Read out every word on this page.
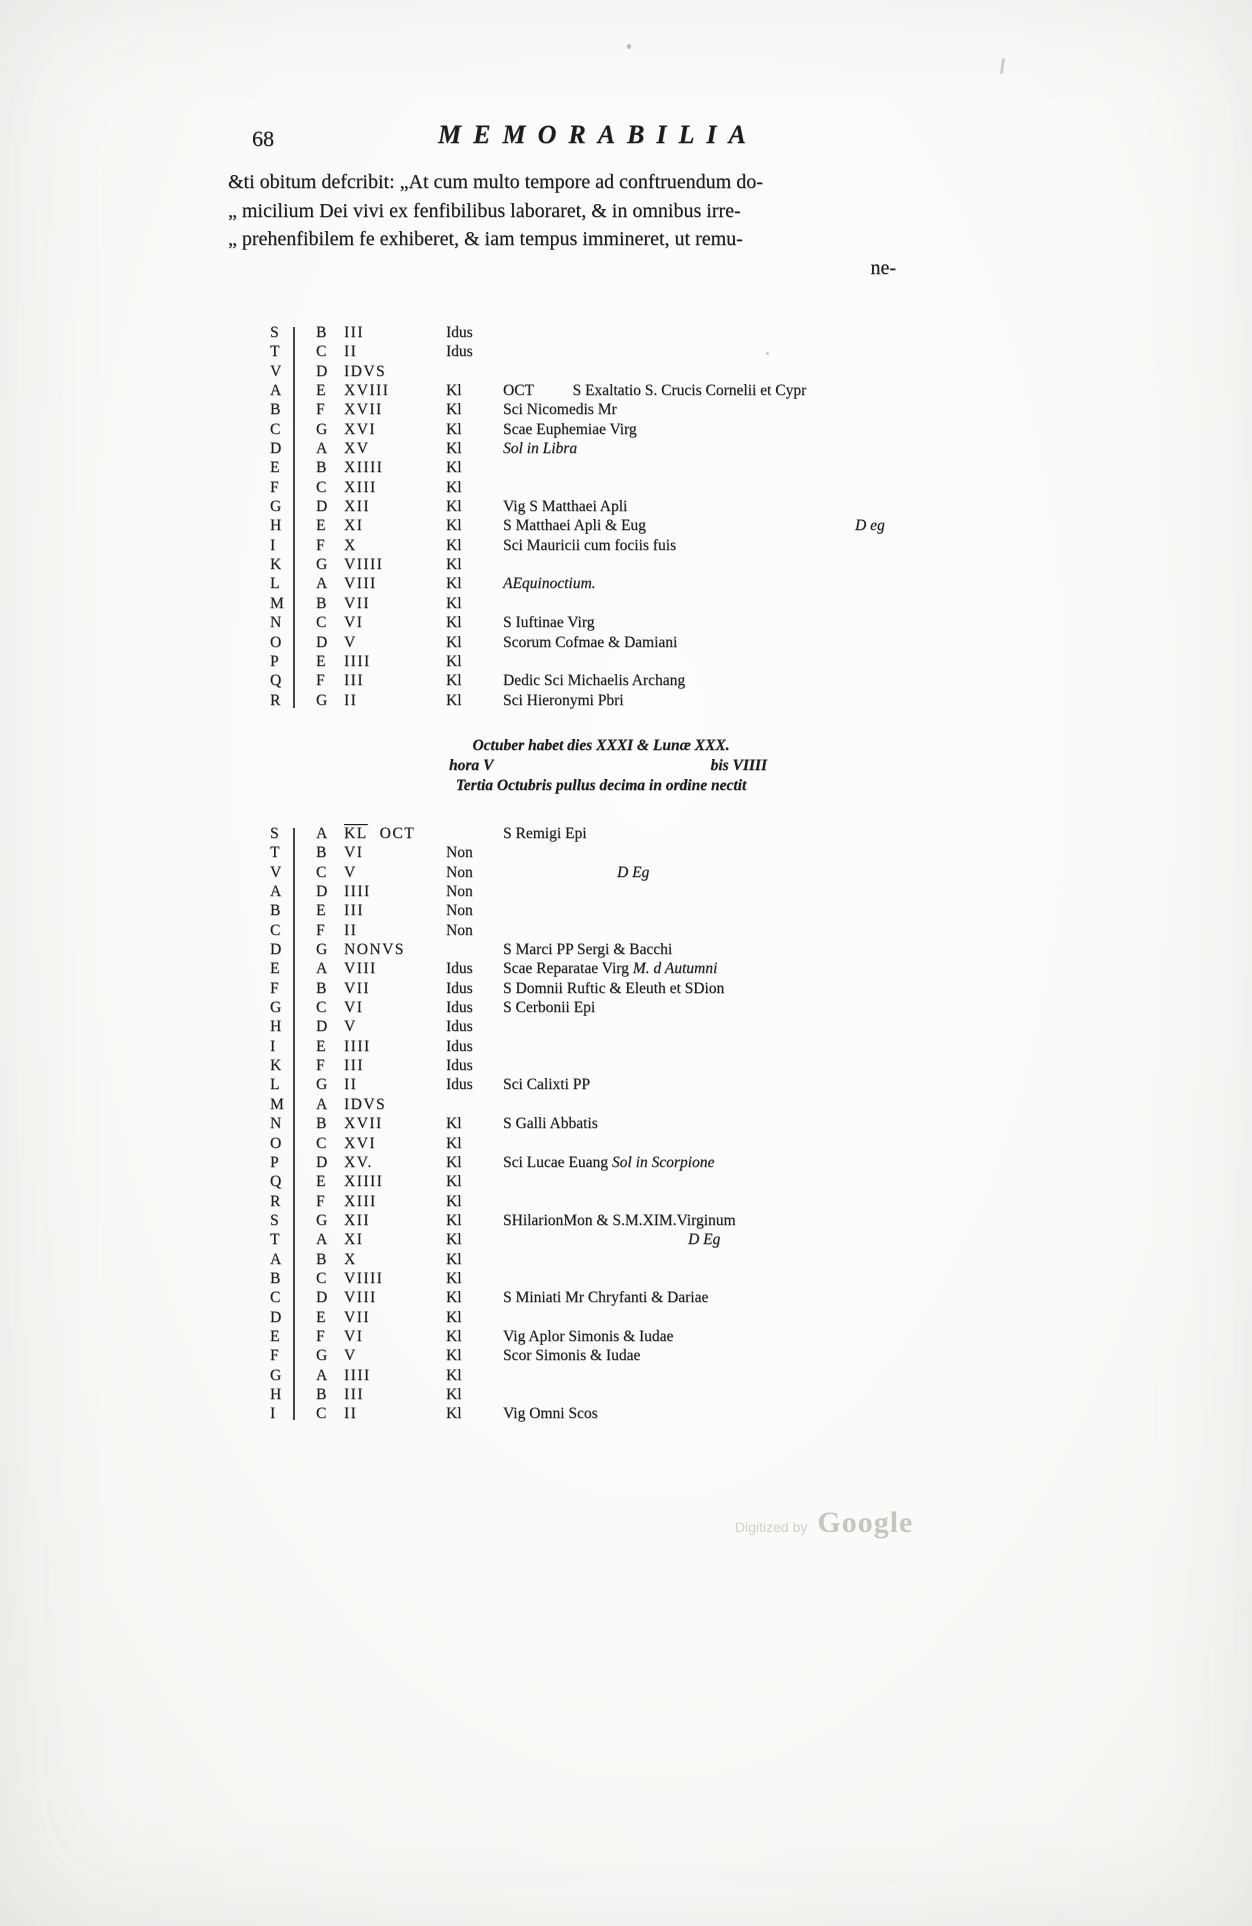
68	MEMORABILIA
&ti obitum defcribit: „At cum multo tempore ad conftruendum do-
„ micilium Dei vivi ex fenfibilibus laboraret, & in omnibus irre-
„ prehenfibilem fe exhiberet, & iam tempus immineret, ut remu-
ne-
S	B	III	Idus
T	C	II	Idus
V	D	IDVS
A	E	XVIII	Kl	OCT          S Exaltatio S. Crucis Cornelii et Cypr
B	F	XVII	Kl	Sci Nicomedis Mr
C	G	XVI	Kl	Scae Euphemiae Virg
D	A	XV	Kl	Sol in Libra
E	B	XIIII	Kl
F	C	XIII	Kl
G	D	XII	Kl	Vig S Matthaei Apli
H	E	XI	Kl	S Matthaei Apli & Eug	D eg
I	F	X	Kl	Sci Mauricii cum fociis fuis
K	G	VIIII	Kl
L	A	VIII	Kl	AEquinoctium.
M	B	VII	Kl
N	C	VI	Kl	S Iuftinae Virg
O	D	V	Kl	Scorum Cofmae & Damiani
P	E	IIII	Kl
Q	F	III	Kl	Dedic Sci Michaelis Archang
R	G	II	Kl	Sci Hieronymi Pbri
Octuber habet dies XXXI & Lunæ XXX.
hora V	bis VIIII
Tertia Octubris pullus decima in ordine nectit
S	A	$\overline{KL}$ OCT	S Remigi Epi
T	B	VI	Non
V	C	V	Non	D Eg
A	D	IIII	Non
B	E	III	Non
C	F	II	Non
D	G	NONVS	S Marci PP Sergi & Bacchi
E	A	VIII	Idus	Scae Reparatae Virg M. d Autumni
F	B	VII	Idus	S Domnii Ruftic & Eleuth et SDion
G	C	VI	Idus	S Cerbonii Epi
H	D	V	Idus
I	E	IIII	Idus
K	F	III	Idus
L	G	II	Idus	Sci Calixti PP
M	A	IDVS
N	B	XVII	Kl	S Galli Abbatis
O	C	XVI	Kl
P	D	XV.	Kl	Sci Lucae Euang Sol in Scorpione
Q	E	XIIII	Kl
R	F	XIII	Kl
S	G	XII	Kl	SHilarionMon & S.M.XIM.Virginum
T	A	XI	Kl	D Eg
A	B	X	Kl
B	C	VIIII	Kl
C	D	VIII	Kl	S Miniati Mr Chryfanti & Dariae
D	E	VII	Kl
E	F	VI	Kl	Vig Aplor Simonis & Iudae
F	G	V	Kl	Scor Simonis & Iudae
G	A	IIII	Kl
H	B	III	Kl
I	C	II	Kl	Vig Omni Scos
Digitized by Google
